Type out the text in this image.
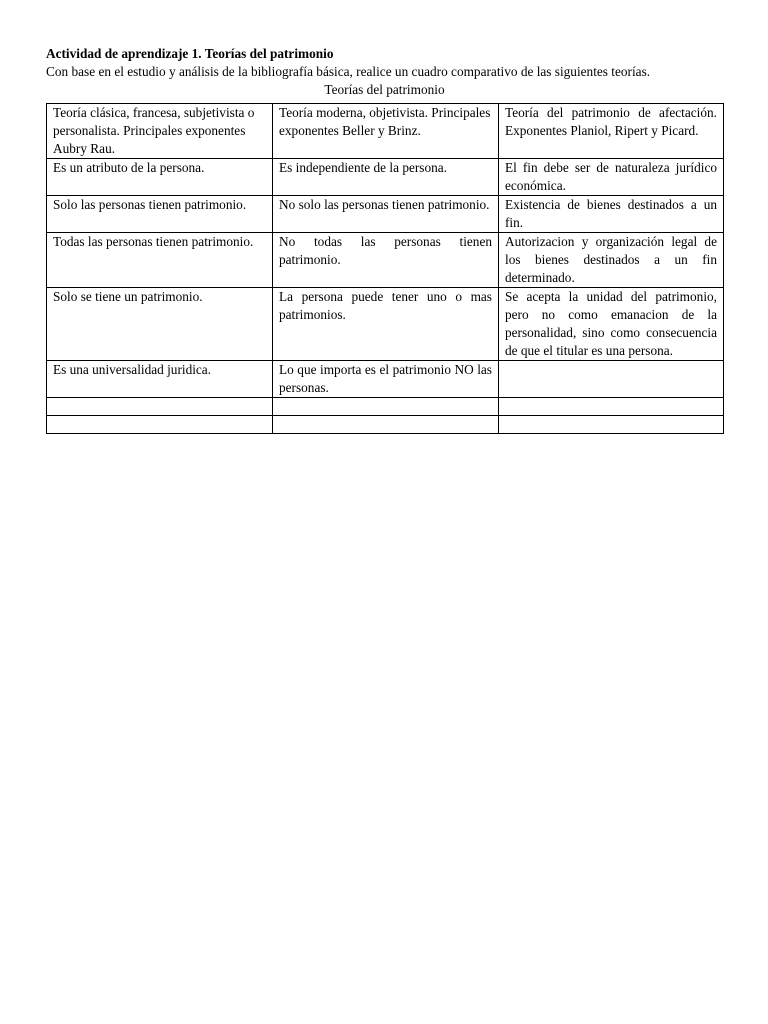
Actividad de aprendizaje 1. Teorías del patrimonio

Con base en el estudio y análisis de la bibliografía básica, realice un cuadro comparativo de las siguientes teorías.

Teorías del patrimonio

Teoría clásica, francesa, subjetivista o personalista. Principales exponentes Aubry Rau.	Teoría moderna, objetivista. Principales exponentes Beller y Brinz.	Teoría del patrimonio de afectación. Exponentes Planiol, Ripert y Picard.
Es un atributo de la persona.	Es independiente de la persona.	El fin debe ser de naturaleza jurídico económica.
Solo las personas tienen patrimonio.	No solo las personas tienen patrimonio.	Existencia de bienes destinados a un fin.
Todas las personas tienen patrimonio.	No todas las personas tienen patrimonio.	Autorizacion y organización legal de los bienes destinados a un fin determinado.
Solo se tiene un patrimonio.	La persona puede tener uno o mas patrimonios.	Se acepta la unidad del patrimonio, pero no como emanacion de la personalidad, sino como consecuencia de que el titular es una persona.
Es una universalidad juridica.	Lo que importa es el patrimonio NO las personas.	
